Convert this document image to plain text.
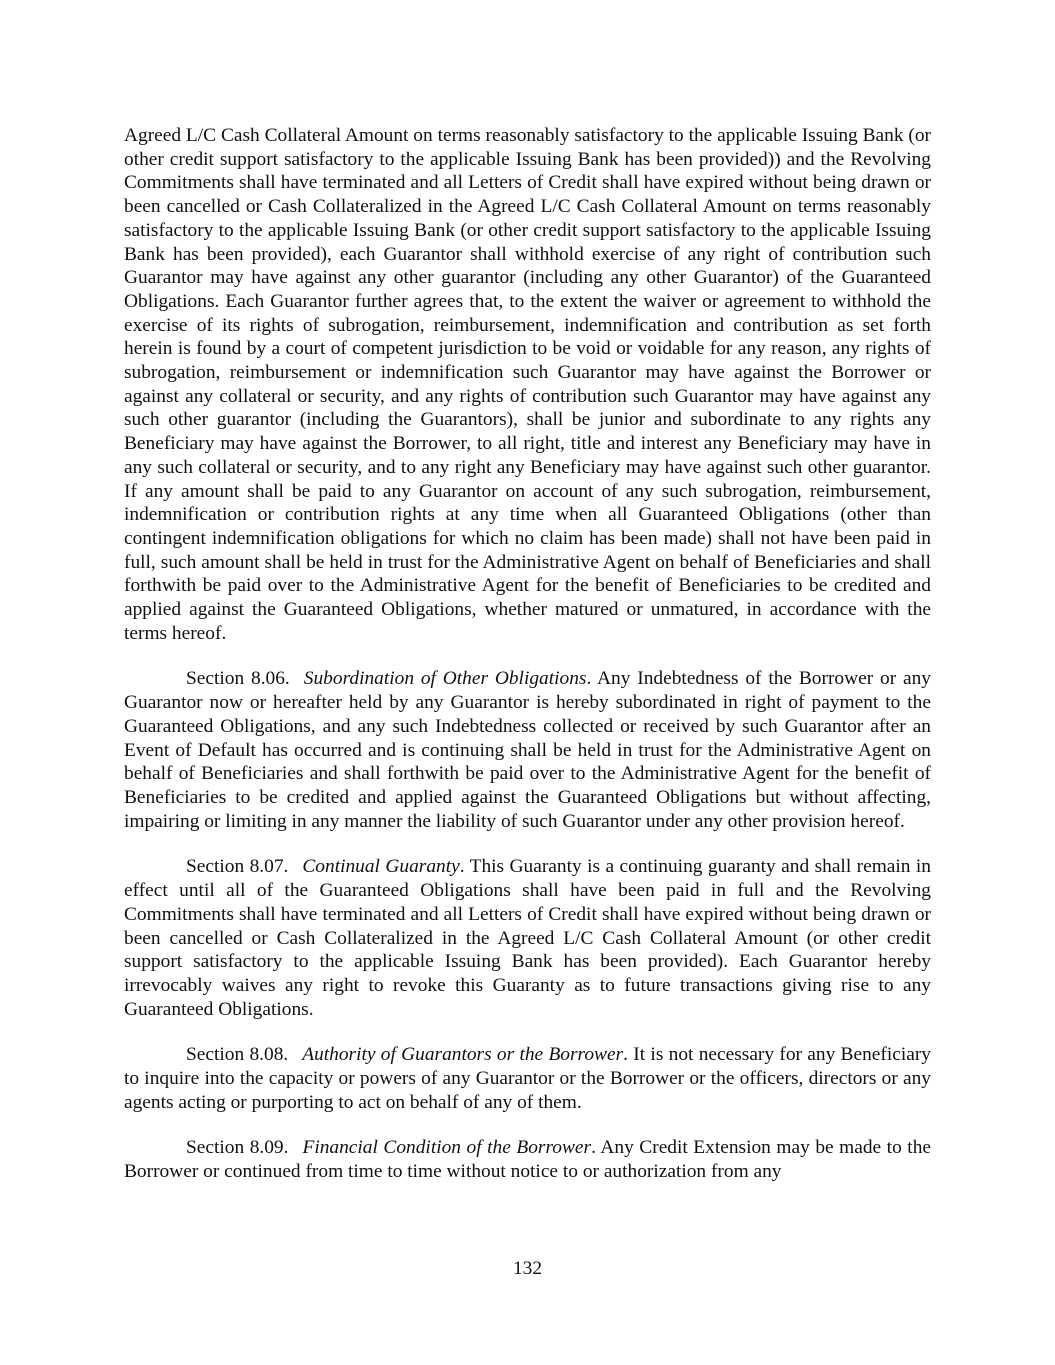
Agreed L/C Cash Collateral Amount on terms reasonably satisfactory to the applicable Issuing Bank (or other credit support satisfactory to the applicable Issuing Bank has been provided)) and the Revolving Commitments shall have terminated and all Letters of Credit shall have expired without being drawn or been cancelled or Cash Collateralized in the Agreed L/C Cash Collateral Amount on terms reasonably satisfactory to the applicable Issuing Bank (or other credit support satisfactory to the applicable Issuing Bank has been provided), each Guarantor shall withhold exercise of any right of contribution such Guarantor may have against any other guarantor (including any other Guarantor) of the Guaranteed Obligations. Each Guarantor further agrees that, to the extent the waiver or agreement to withhold the exercise of its rights of subrogation, reimbursement, indemnification and contribution as set forth herein is found by a court of competent jurisdiction to be void or voidable for any reason, any rights of subrogation, reimbursement or indemnification such Guarantor may have against the Borrower or against any collateral or security, and any rights of contribution such Guarantor may have against any such other guarantor (including the Guarantors), shall be junior and subordinate to any rights any Beneficiary may have against the Borrower, to all right, title and interest any Beneficiary may have in any such collateral or security, and to any right any Beneficiary may have against such other guarantor. If any amount shall be paid to any Guarantor on account of any such subrogation, reimbursement, indemnification or contribution rights at any time when all Guaranteed Obligations (other than contingent indemnification obligations for which no claim has been made) shall not have been paid in full, such amount shall be held in trust for the Administrative Agent on behalf of Beneficiaries and shall forthwith be paid over to the Administrative Agent for the benefit of Beneficiaries to be credited and applied against the Guaranteed Obligations, whether matured or unmatured, in accordance with the terms hereof.

Section 8.06. Subordination of Other Obligations. Any Indebtedness of the Borrower or any Guarantor now or hereafter held by any Guarantor is hereby subordinated in right of payment to the Guaranteed Obligations, and any such Indebtedness collected or received by such Guarantor after an Event of Default has occurred and is continuing shall be held in trust for the Administrative Agent on behalf of Beneficiaries and shall forthwith be paid over to the Administrative Agent for the benefit of Beneficiaries to be credited and applied against the Guaranteed Obligations but without affecting, impairing or limiting in any manner the liability of such Guarantor under any other provision hereof.

Section 8.07. Continual Guaranty. This Guaranty is a continuing guaranty and shall remain in effect until all of the Guaranteed Obligations shall have been paid in full and the Revolving Commitments shall have terminated and all Letters of Credit shall have expired without being drawn or been cancelled or Cash Collateralized in the Agreed L/C Cash Collateral Amount (or other credit support satisfactory to the applicable Issuing Bank has been provided). Each Guarantor hereby irrevocably waives any right to revoke this Guaranty as to future transactions giving rise to any Guaranteed Obligations.

Section 8.08. Authority of Guarantors or the Borrower. It is not necessary for any Beneficiary to inquire into the capacity or powers of any Guarantor or the Borrower or the officers, directors or any agents acting or purporting to act on behalf of any of them.

Section 8.09. Financial Condition of the Borrower. Any Credit Extension may be made to the Borrower or continued from time to time without notice to or authorization from any

132
